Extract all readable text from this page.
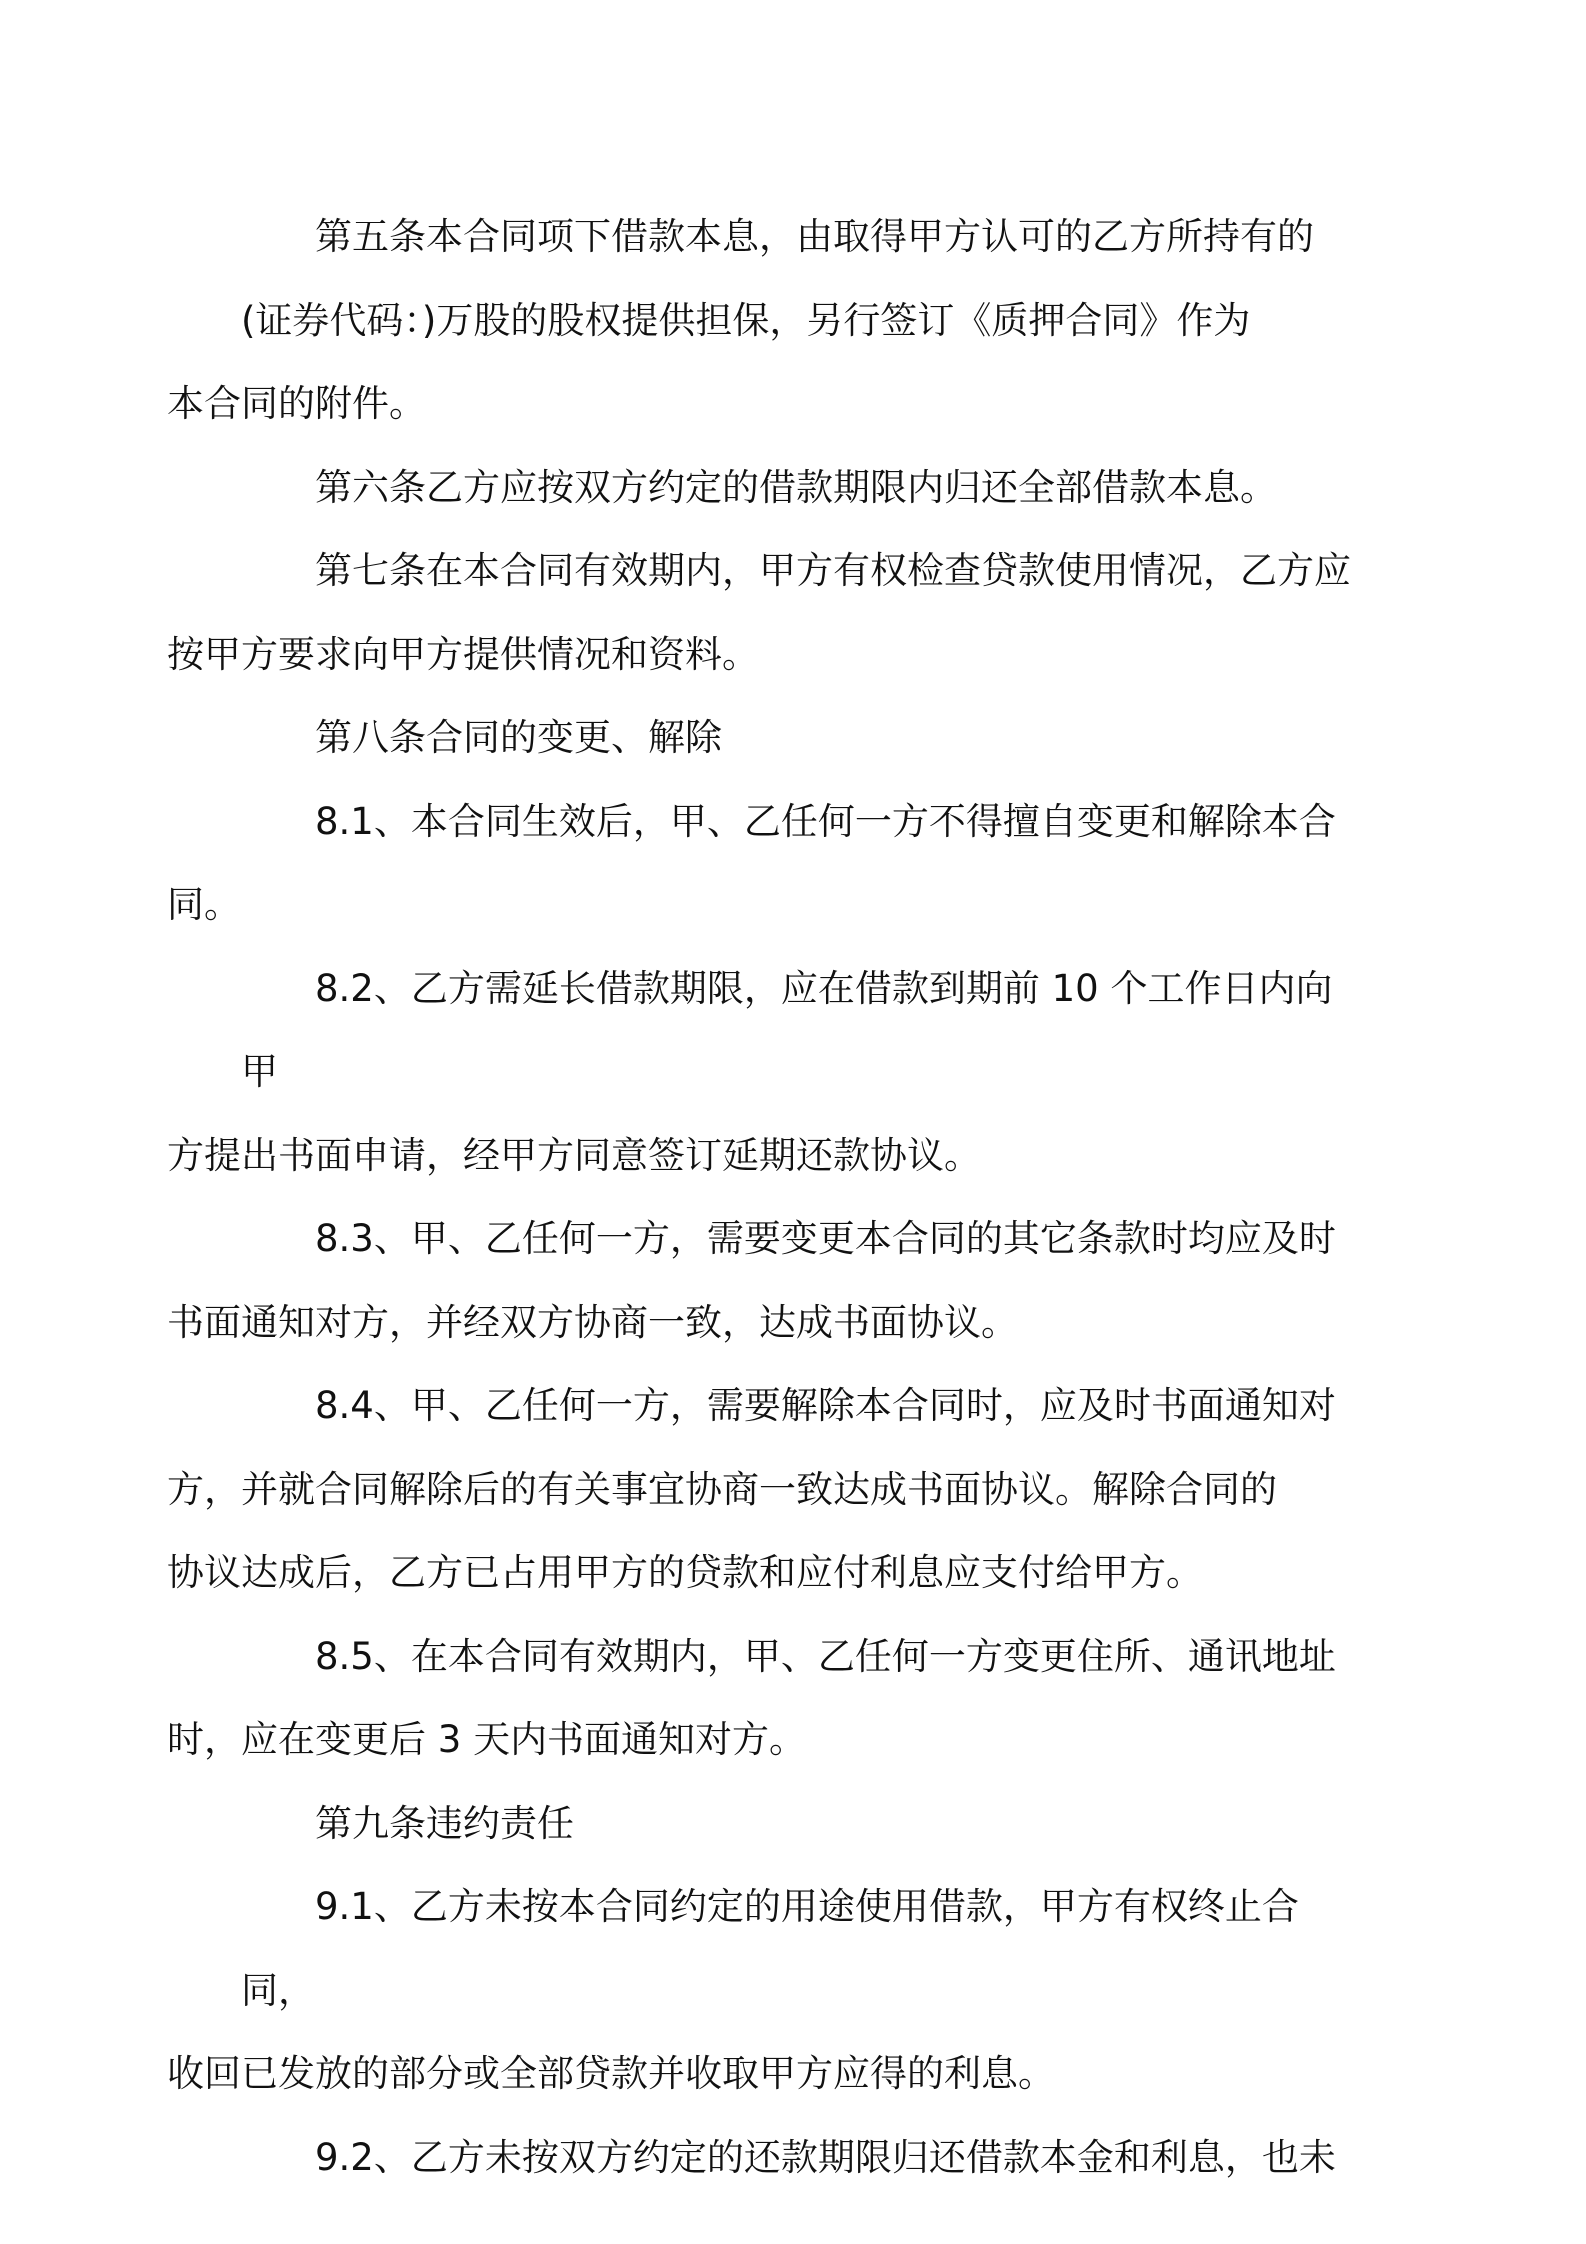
第五条本合同项下借款本息，由取得甲方认可的乙方所持有的
(证券代码：)万股的股权提供担保，另行签订《质押合同》作为
本合同的附件。

第六条乙方应按双方约定的借款期限内归还全部借款本息。

第七条在本合同有效期内，甲方有权检查贷款使用情况，乙方应
按甲方要求向甲方提供情况和资料。

第八条合同的变更、解除

8.1、本合同生效后，甲、乙任何一方不得擅自变更和解除本合
同。

8.2、乙方需延长借款期限，应在借款到期前 10 个工作日内向甲
方提出书面申请，经甲方同意签订延期还款协议。

8.3、甲、乙任何一方，需要变更本合同的其它条款时均应及时
书面通知对方，并经双方协商一致，达成书面协议。

8.4、甲、乙任何一方，需要解除本合同时，应及时书面通知对
方，并就合同解除后的有关事宜协商一致达成书面协议。解除合同的
协议达成后，乙方已占用甲方的贷款和应付利息应支付给甲方。

8.5、在本合同有效期内，甲、乙任何一方变更住所、通讯地址
时，应在变更后 3 天内书面通知对方。

第九条违约责任

9.1、乙方未按本合同约定的用途使用借款，甲方有权终止合同，
收回已发放的部分或全部贷款并收取甲方应得的利息。

9.2、乙方未按双方约定的还款期限归还借款本金和利息，也未
